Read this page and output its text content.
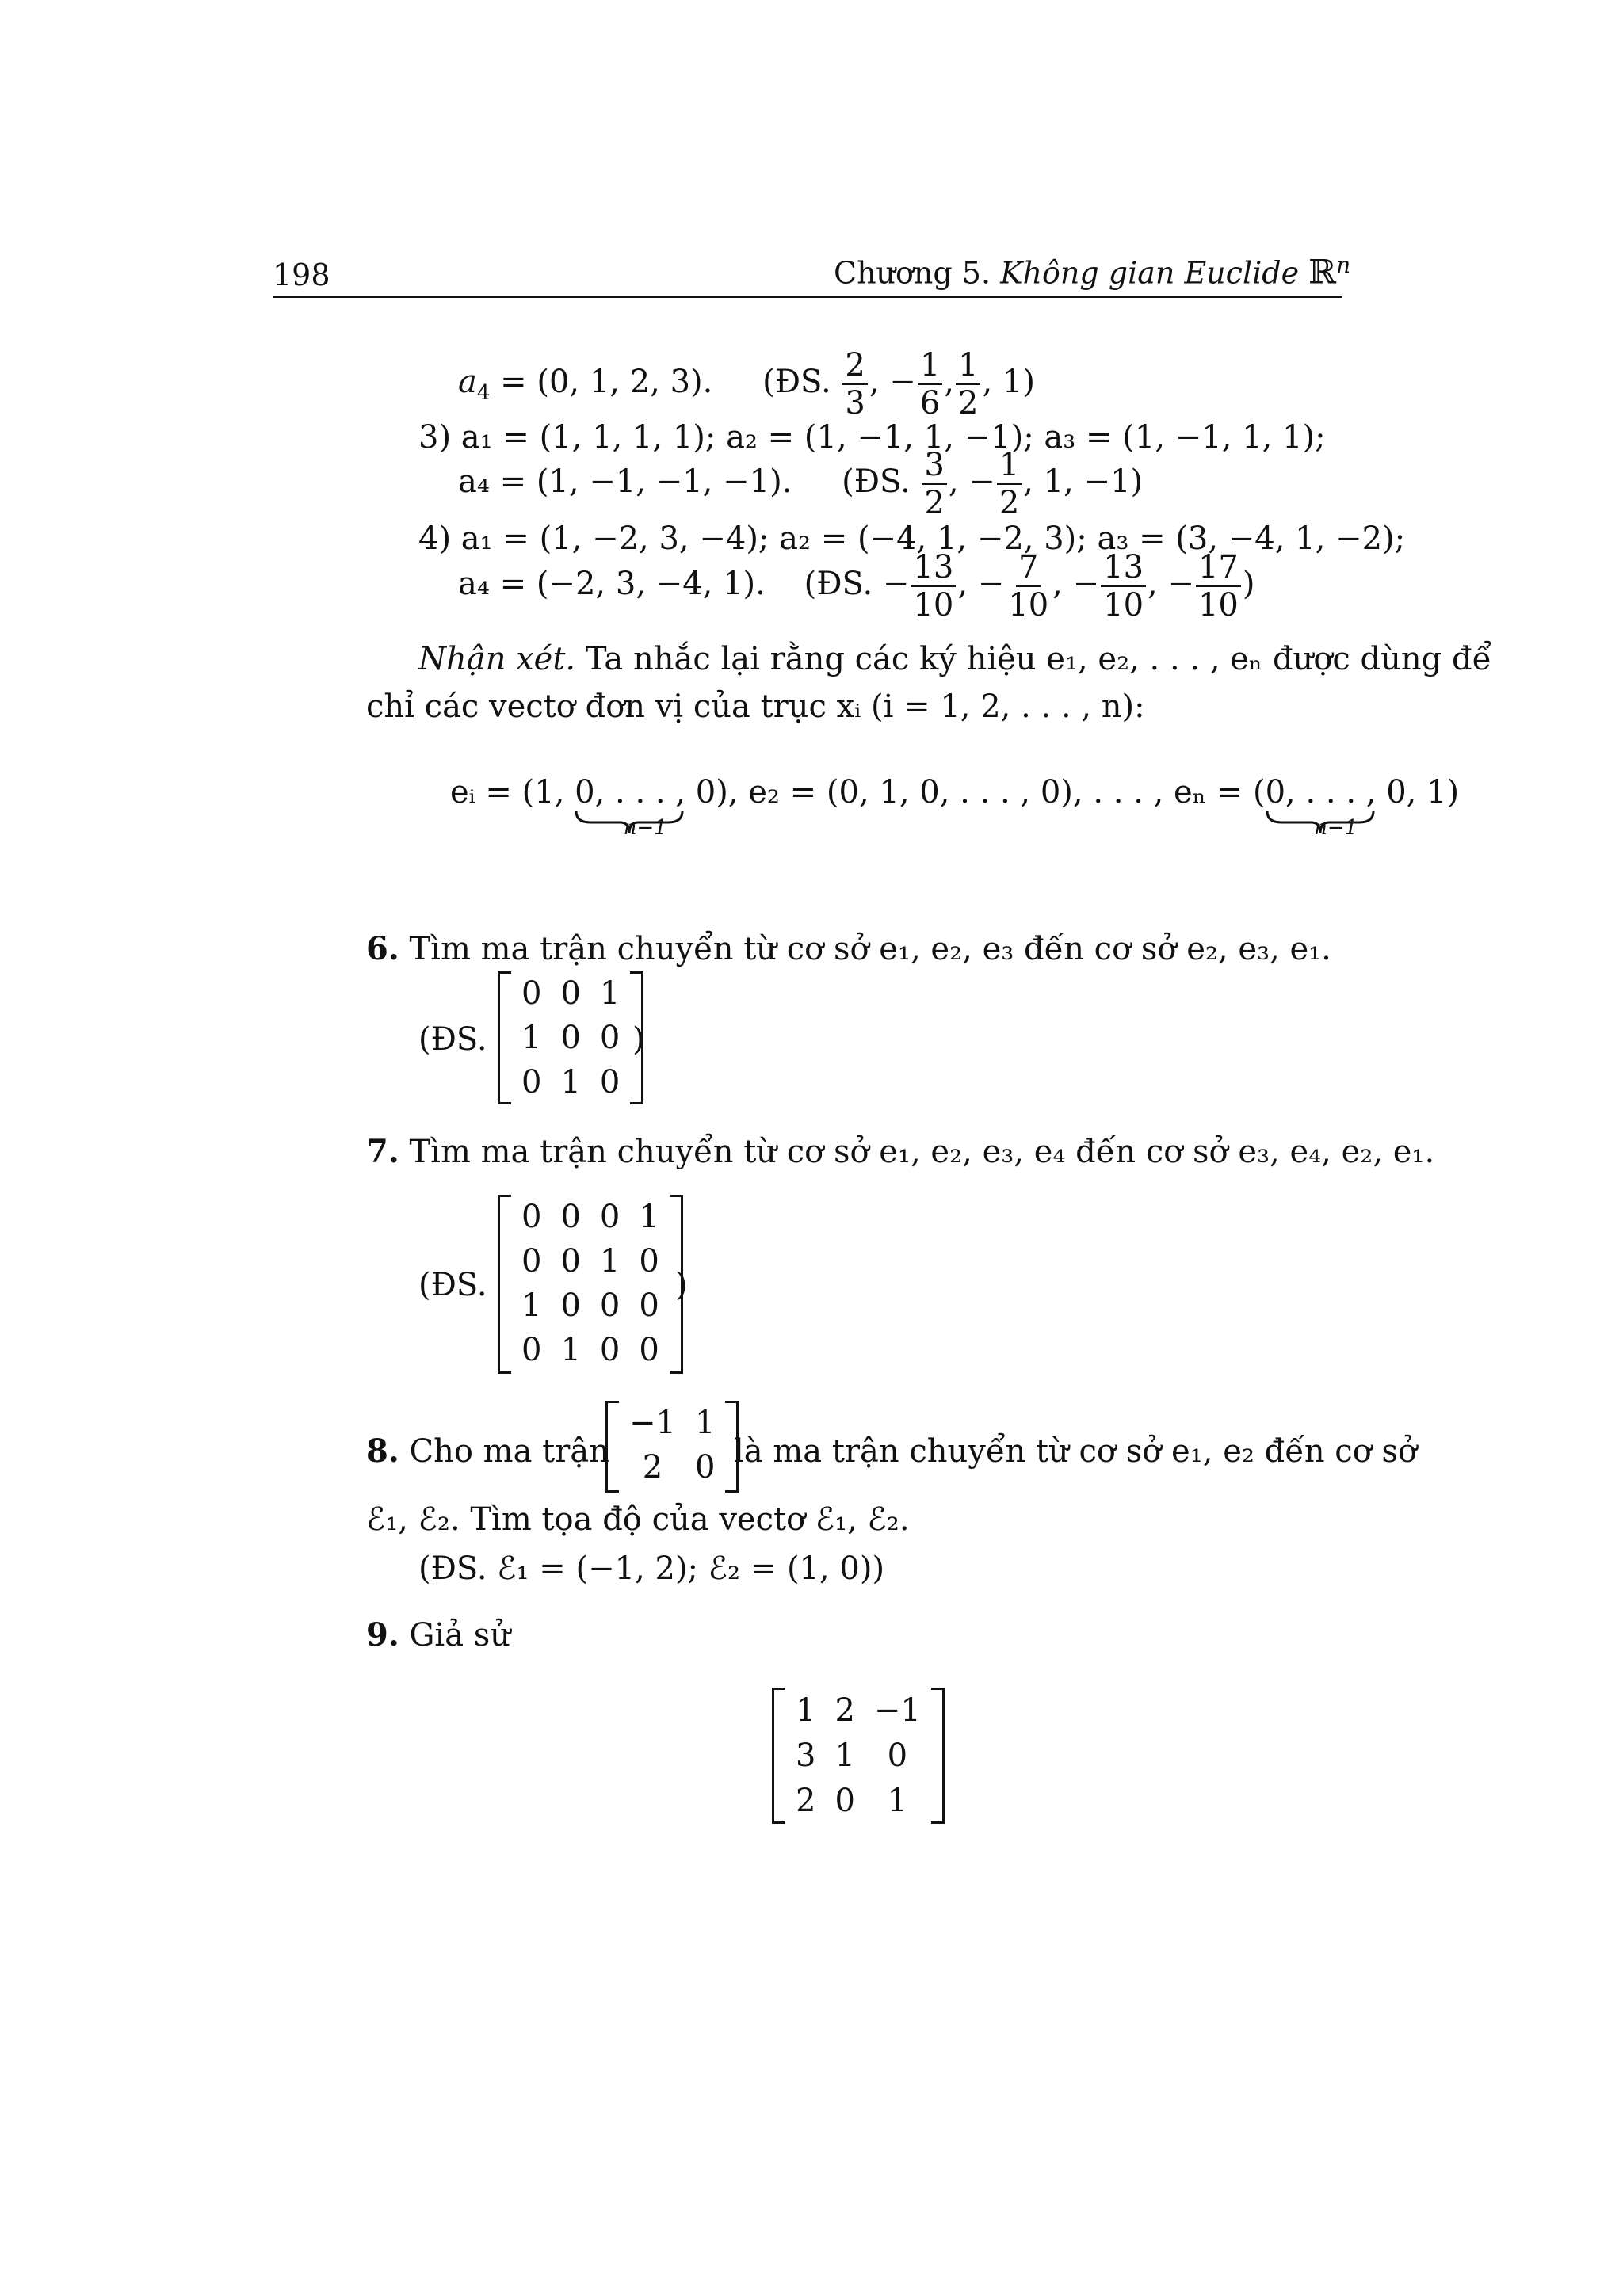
198	Chương 5. Không gian Euclide ℝ$^n$
$a_4 = (0$, 1, 2, 3). (ĐS. $\frac{2}{3}$ , − $\frac{1}{6}$ , $\frac{1}{2}$ , 1)
3) a₁ = (1, 1, 1, 1); a₂ = (1, −1, 1, −1); a₃ = (1, −1, 1, 1);
a₄ = (1, −1, −1, −1). (ĐS. $\frac{3}{2}$ , − $\frac{1}{2}$ , 1, −1)
4) a₁ = (1, −2, 3, −4); a₂ = (−4, 1, −2, 3); a₃ = (3, −4, 1, −2);
a₄ = (−2, 3, −4, 1). (ĐS. − $\frac{13}{10}$ , − $\frac{7}{10}$ , − $\frac{13}{10}$ , − $\frac{17}{10}$ )
Nhận xét. Ta nhắc lại rằng các ký hiệu e₁, e₂, . . . , eₙ được dùng để
chỉ các vectơ đơn vị của trục xᵢ (i = 1, 2, . . . , n):
eᵢ = (1, 0, . . . , 0
n−1
), e₂ = (0, 1, 0, . . . , 0), . . . , eₙ = (0, . . . , 0
n−1
, 1)
6. Tìm ma trận chuyển từ cơ sở e₁, e₂, e₃ đến cơ sở e₂, e₃, e₁.
(ĐS.
0	0	1
1	0	0
0	1	0
)
7. Tìm ma trận chuyển từ cơ sở e₁, e₂, e₃, e₄ đến cơ sở e₃, e₄, e₂, e₁.
(ĐS.
0	0	0	1
0	0	1	0
1	0	0	0
0	1	0	0
)
8. Cho ma trận
−1	1
2	0 là ma trận chuyển từ cơ sở e₁, e₂ đến cơ sở
ℰ₁, ℰ₂. Tìm tọa độ của vectơ ℰ₁, ℰ₂.
(ĐS. ℰ₁ = (−1, 2); ℰ₂ = (1, 0))
9. Giả sử
1	2	−1
3	1	0
2	0	1
